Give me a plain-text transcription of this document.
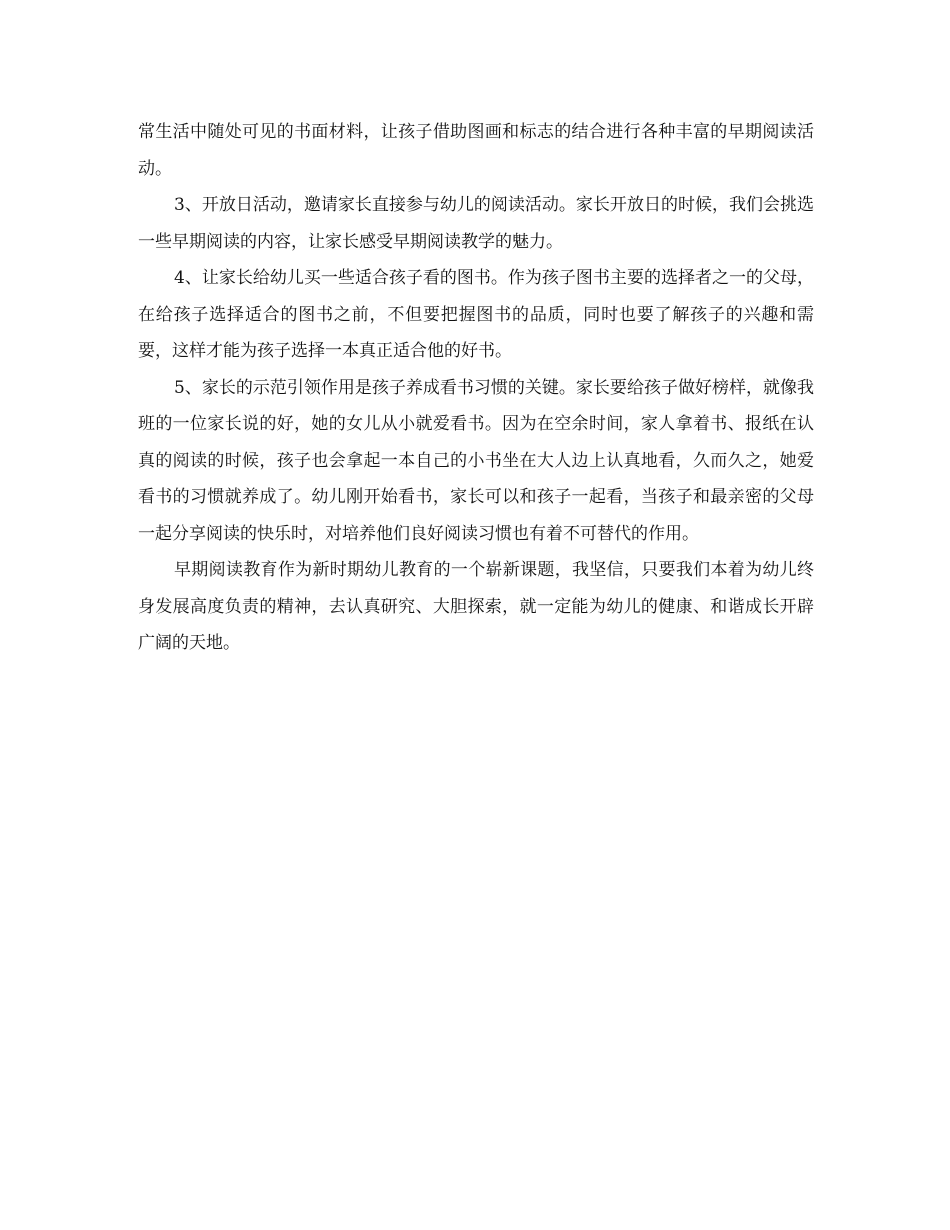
常生活中随处可见的书面材料，让孩子借助图画和标志的结合进行各种丰富的早期阅读活动。

3、开放日活动，邀请家长直接参与幼儿的阅读活动。家长开放日的时候，我们会挑选一些早期阅读的内容，让家长感受早期阅读教学的魅力。

4、让家长给幼儿买一些适合孩子看的图书。作为孩子图书主要的选择者之一的父母，在给孩子选择适合的图书之前，不但要把握图书的品质，同时也要了解孩子的兴趣和需要，这样才能为孩子选择一本真正适合他的好书。

5、家长的示范引领作用是孩子养成看书习惯的关键。家长要给孩子做好榜样，就像我班的一位家长说的好，她的女儿从小就爱看书。因为在空余时间，家人拿着书、报纸在认真的阅读的时候，孩子也会拿起一本自己的小书坐在大人边上认真地看，久而久之，她爱看书的习惯就养成了。幼儿刚开始看书，家长可以和孩子一起看，当孩子和最亲密的父母一起分享阅读的快乐时，对培养他们良好阅读习惯也有着不可替代的作用。

早期阅读教育作为新时期幼儿教育的一个崭新课题，我坚信，只要我们本着为幼儿终身发展高度负责的精神，去认真研究、大胆探索，就一定能为幼儿的健康、和谐成长开辟广阔的天地。
